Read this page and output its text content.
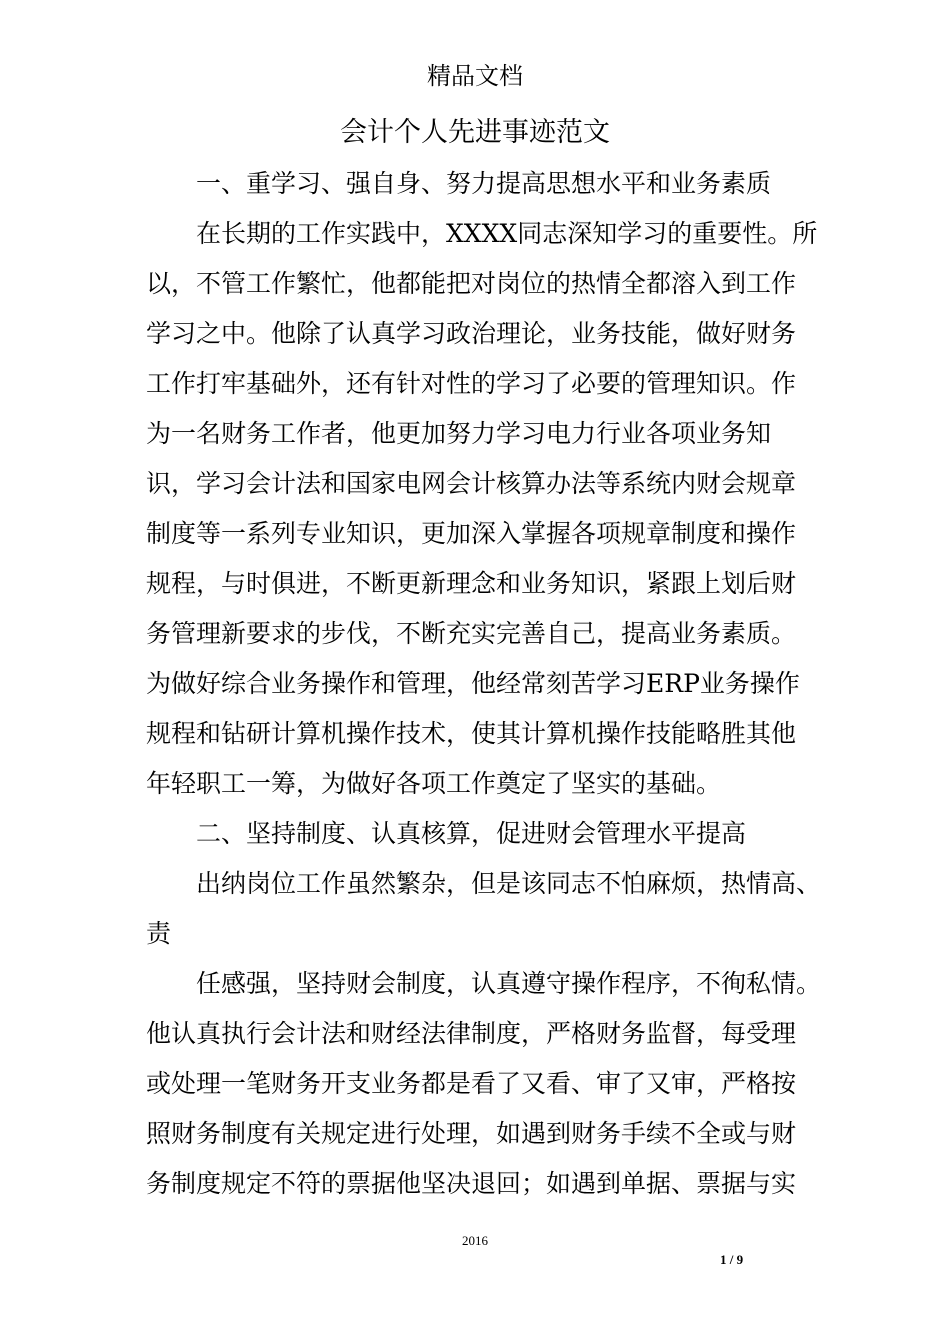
精品文档
会计个人先进事迹范文
一、重学习、强自身、努力提高思想水平和业务素质
在长期的工作实践中，XXXX同志深知学习的重要性。所
以，不管工作繁忙，他都能把对岗位的热情全都溶入到工作
学习之中。他除了认真学习政治理论，业务技能，做好财务
工作打牢基础外，还有针对性的学习了必要的管理知识。作
为一名财务工作者，他更加努力学习电力行业各项业务知
识，学习会计法和国家电网会计核算办法等系统内财会规章
制度等一系列专业知识，更加深入掌握各项规章制度和操作
规程，与时俱进，不断更新理念和业务知识，紧跟上划后财
务管理新要求的步伐，不断充实完善自己，提高业务素质。
为做好综合业务操作和管理，他经常刻苦学习ERP业务操作
规程和钻研计算机操作技术，使其计算机操作技能略胜其他
年轻职工一筹，为做好各项工作奠定了坚实的基础。
二、坚持制度、认真核算，促进财会管理水平提高
出纳岗位工作虽然繁杂，但是该同志不怕麻烦，热情高、
责
任感强，坚持财会制度，认真遵守操作程序，不徇私情。
他认真执行会计法和财经法律制度，严格财务监督，每受理
或处理一笔财务开支业务都是看了又看、审了又审，严格按
照财务制度有关规定进行处理，如遇到财务手续不全或与财
务制度规定不符的票据他坚决退回；如遇到单据、票据与实
2016
1 / 9
